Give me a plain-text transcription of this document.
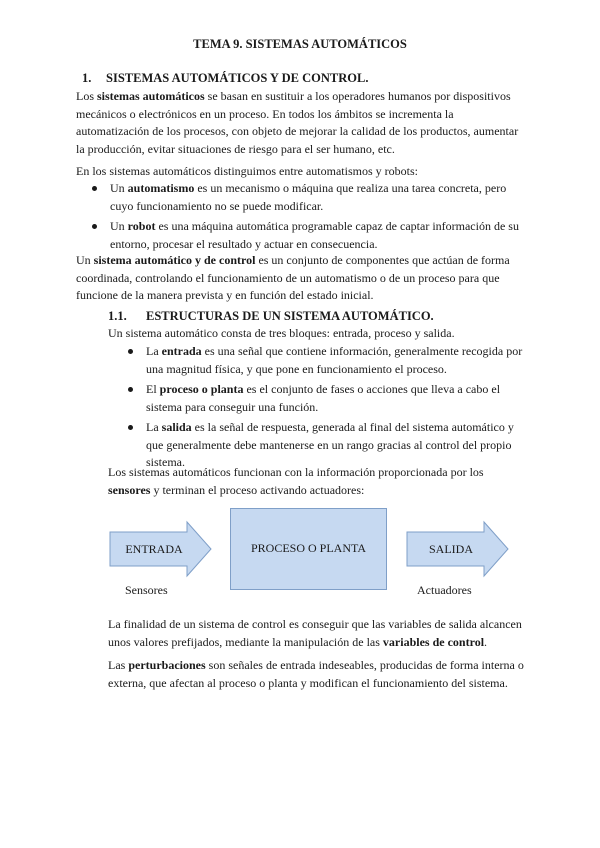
TEMA 9. SISTEMAS AUTOMÁTICOS
1. SISTEMAS AUTOMÁTICOS Y DE CONTROL.

Los sistemas automáticos se basan en sustituir a los operadores humanos por dispositivos mecánicos o electrónicos en un proceso. En todos los ámbitos se incrementa la automatización de los procesos, con objeto de mejorar la calidad de los productos, aumentar la producción, evitar situaciones de riesgo para el ser humano, etc.

En los sistemas automáticos distinguimos entre automatismos y robots:

Un automatismo es un mecanismo o máquina que realiza una tarea concreta, pero cuyo funcionamiento no se puede modificar.
Un robot es una máquina automática programable capaz de captar información de su entorno, procesar el resultado y actuar en consecuencia.

Un sistema automático y de control es un conjunto de componentes que actúan de forma coordinada, controlando el funcionamiento de un automatismo o de un proceso para que funcione de la manera prevista y en función del estado inicial.

1.1. ESTRUCTURAS DE UN SISTEMA AUTOMÁTICO.

Un sistema automático consta de tres bloques: entrada, proceso y salida.

La entrada es una señal que contiene información, generalmente recogida por una magnitud física, y que pone en funcionamiento el proceso.
El proceso o planta es el conjunto de fases o acciones que lleva a cabo el sistema para conseguir una función.
La salida es la señal de respuesta, generada al final del sistema automático y que generalmente debe mantenerse en un rango gracias al control del propio sistema.

Los sistemas automáticos funcionan con la información proporcionada por los sensores y terminan el proceso activando actuadores:

ENTRADA	PROCESO O PLANTA	SALIDA
Sensores	Actuadores

La finalidad de un sistema de control es conseguir que las variables de salida alcancen unos valores prefijados, mediante la manipulación de las variables de control.

Las perturbaciones son señales de entrada indeseables, producidas de forma interna o externa, que afectan al proceso o planta y modifican el funcionamiento del sistema.
